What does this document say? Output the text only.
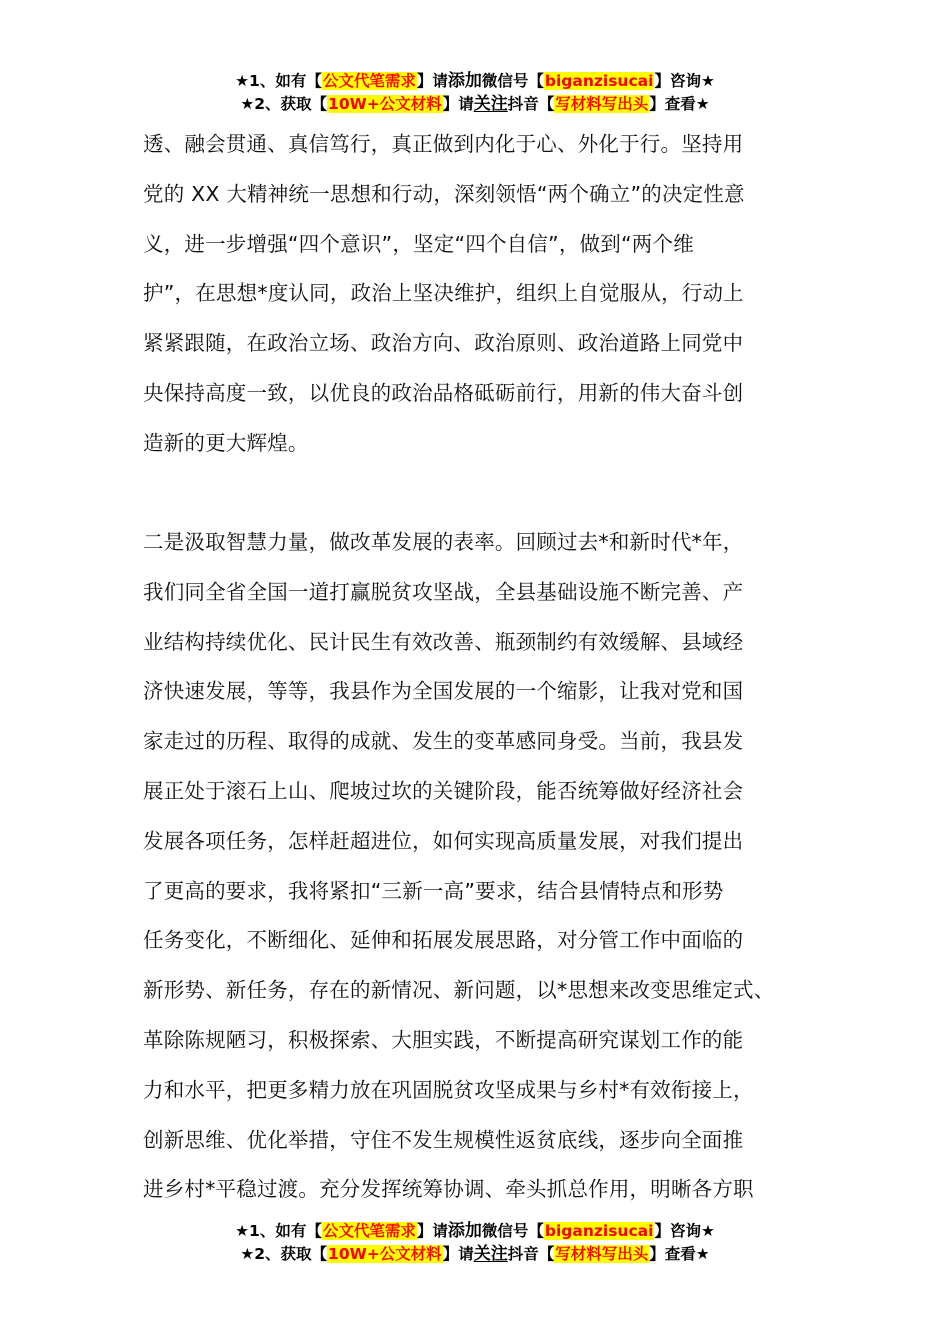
★1、如有【公文代笔需求】请添加微信号【biganzisucai】咨询★
★2、获取【10W+公文材料】请关注抖音【写材料写出头】查看★
透、融会贯通、真信笃行，真正做到内化于心、外化于行。坚持用
党的 XX 大精神统一思想和行动，深刻领悟“两个确立”的决定性意
义，进一步增强“四个意识”，坚定“四个自信”，做到“两个维
护”，在思想*度认同，政治上坚决维护，组织上自觉服从，行动上
紧紧跟随，在政治立场、政治方向、政治原则、政治道路上同党中
央保持高度一致，以优良的政治品格砥砺前行，用新的伟大奋斗创
造新的更大辉煌。
二是汲取智慧力量，做改革发展的表率。回顾过去*和新时代*年，
我们同全省全国一道打赢脱贫攻坚战，全县基础设施不断完善、产
业结构持续优化、民计民生有效改善、瓶颈制约有效缓解、县域经
济快速发展，等等，我县作为全国发展的一个缩影，让我对党和国
家走过的历程、取得的成就、发生的变革感同身受。当前，我县发
展正处于滚石上山、爬坡过坎的关键阶段，能否统筹做好经济社会
发展各项任务，怎样赶超进位，如何实现高质量发展，对我们提出
了更高的要求，我将紧扣“三新一高”要求，结合县情特点和形势
任务变化，不断细化、延伸和拓展发展思路，对分管工作中面临的
新形势、新任务，存在的新情况、新问题，以*思想来改变思维定式、
革除陈规陋习，积极探索、大胆实践，不断提高研究谋划工作的能
力和水平，把更多精力放在巩固脱贫攻坚成果与乡村*有效衔接上，
创新思维、优化举措，守住不发生规模性返贫底线，逐步向全面推
进乡村*平稳过渡。充分发挥统筹协调、牵头抓总作用，明晰各方职
★1、如有【公文代笔需求】请添加微信号【biganzisucai】咨询★
★2、获取【10W+公文材料】请关注抖音【写材料写出头】查看★
